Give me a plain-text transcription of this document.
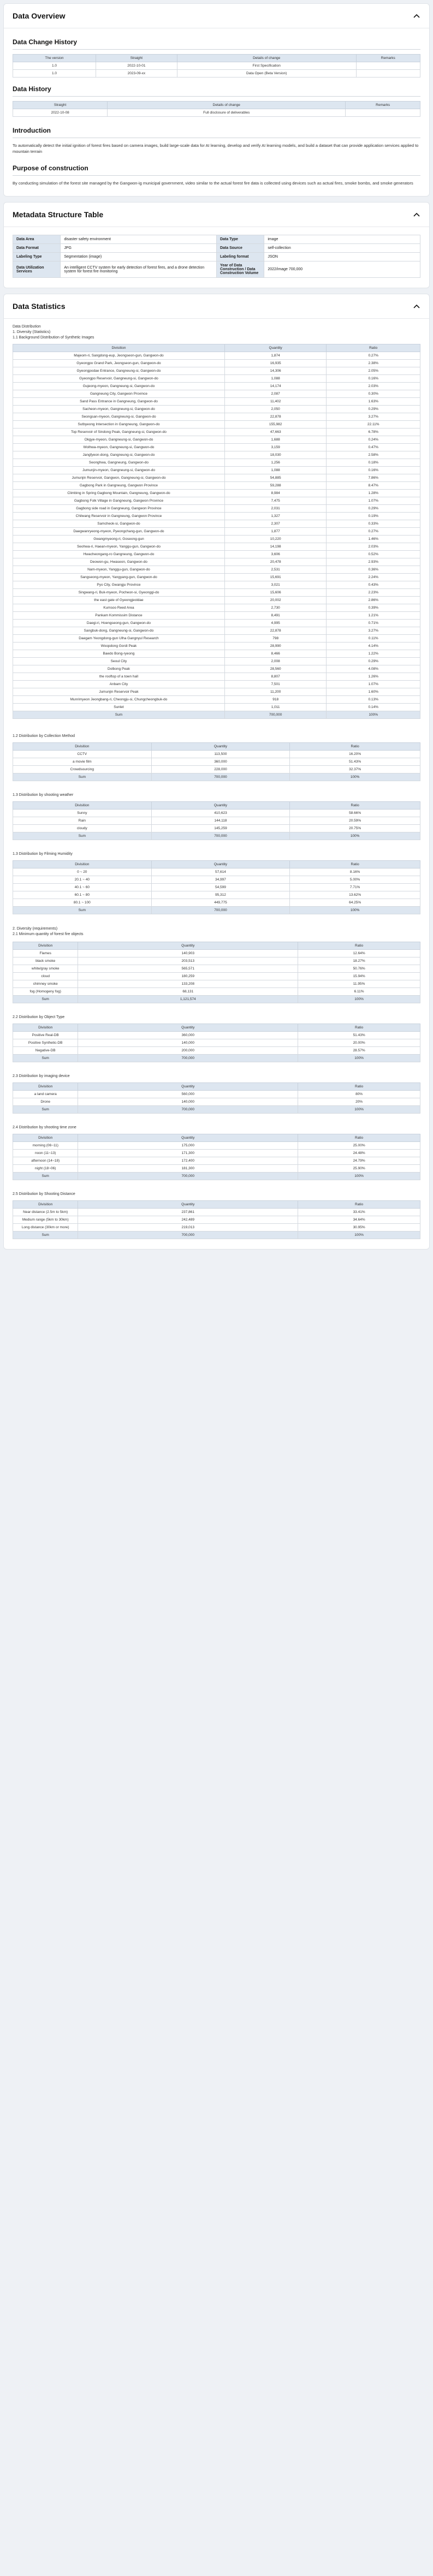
Data Overview
Data Change History
The version	Straight	Details of change	Remarks
1.0	2022-10-01	First Specification	
1.0	2023-09-xx	Data Open (Beta Version)	
Data History
Straight	Details of change	Remarks
2022-10-08	Full disclosure of deliverables	
Introduction

To automatically detect the initial ignition of forest fires based on camera images, build large-scale data for AI learning, develop and verify AI learning models, and build a dataset that can provide application services applied to mountain terrain

Purpose of construction

By conducting simulation of the forest site managed by the Gangwon-ig municipal government, video similar to the actual forest fire data is collected using devices such as actual fires, smoke bombs, and smoke generators

Metadata Structure Table
Data Area	disaster safety environment	Data Type	image
Data Format	JPG	Data Source	self-collection
Labeling Type	Segmentation (image)	Labeling format	JSON
Data Utilization Services	An intelligent CCTV system for early detection of forest fires, and a drone detection system for forest fire monitoring	Year of Data Construction / Data Construction Volume	2022/image 700,000
Data Statistics
Data Distribution
1. Diversity (Statistics)
1.1 Background Distribution of Synthetic Images
Divisition	Quantity	Ratio
Majeom-ri, Sangdong-eup, Jeongseon-gun, Gangwon-do	1,874	0.27%
Gyeongpo Grand Park, Jeongseon-gun, Gangwon-do	16,935	2.38%
Gyeongpodae Entrance, Gangneung-si, Gangwon-do	14,306	2.05%
Gyeongpo Reservoir, Gangneung-si, Gangwon-do	1,088	0.16%
Gujeong-myeon, Gangneung-si, Gangwon-do	14,174	2.03%
Gangneung City, Gangwon Province	2,087	0.30%
Sand Pass Entrance in Gangneung, Gangwon-do	11,402	1.63%
Sacheon-myeon, Gangneung-si, Gangwon-do	2,050	0.29%
Seongsan-myeon, Gangneung-si, Gangwon-do	22,878	3.27%
Sutbyeong Intersection in Gangneung, Gangwon-do	155,982	22.11%
Top Reservoir of Sindong Peak, Gangneung-si, Gangwon-do	47,663	6.78%
Okgye-myeon, Gangneung-si, Gangwon-do	1,688	0.24%
Wolhwa-myeon, Gangneung-si, Gangwon-do	3,159	0.47%
Jangfyeon-dong, Gangneung-si, Gangwon-do	18,030	2.58%
Seonghwa, Gangneung, Gangwon-do	1,256	0.18%
Jumunjin-myeon, Gangneung-si, Gangwon-do	1,088	0.16%
Jumunjin Reservoir, Gangwon, Gangneung-si, Gangwon-do	54,885	7.86%
Gagbong Park in Gangneung, Gangwon Province	59,288	8.47%
Climbing in Spring Gagbong Mountain, Gangneung, Gangwon-do	8,984	1.28%
Gagbong Folk Village in Gangneung, Gangwon Province	7,475	1.07%
Gagbong side road in Gangneung, Gangwon Province	2,031	0.29%
Chilwang Reservoir in Gangneung, Gangwon Province	1,327	0.19%
Samcheok-si, Gangwon-do	2,307	0.33%
Daegwanryeong-myeon, Pyeongchang-gun, Gangwon-do	1,877	0.27%
Gwangmyeong-ri, Goseong-gun	10,220	1.46%
Seohwa-ri, Haean-myeon, Yanggu-gun, Gangwon-do	14,198	2.03%
Hwacheongang-ro Gangneung, Gangwon-do	3,606	0.52%
Deowon-gu, Hwaseon, Gangwon-do	20,478	2.93%
Nam-myeon, Yanggu-gun, Gangwon-do	2,531	0.36%
Sangseong-myeon, Yangyang-gun, Gangwon-do	15,691	2.24%
Pyo City, Gwangju Province	3,021	0.43%
Singwang-ri, Buk-myeon, Pocheon-si, Gyeonggi-do	15,606	2.23%
the east gate of Gyeongjeoldae	20,002	2.86%
Kumsoo Reed Area	2,730	0.39%
Pankam Kommissim Distance	8,491	1.21%
Daegi-ri, Hoengseong-gun, Gangwon-do	4,995	0.71%
Sangbuk-dong, Gangneung-si, Gangwon-do	22,878	3.27%
Daegam Yeongdong-gun Ulha Gangnyul Research	798	0.11%
Woopdong Gordi Peak	28,990	4.14%
Baedo Bong-ryeong	8,466	1.22%
Seoul City	2,008	0.29%
Dolbong Peak	28,560	4.08%
the rooftop of a town hall	8,807	1.26%
Anbam City	7,501	1.07%
Jumunjin Reservoir Peak	11,200	1.60%
Munrimyeon Jeongbang-ri, Cheongju-si, Chungcheongbuk-do	918	0.13%
Sunlet	1,011	0.14%
Sum	700,000	100%
1.2 Distribution by Collection Method
Divisition	Quantity	Ratio
CCTV	113,500	16.20%
a movie film	360,000	51.43%
Crowdsourcing	228,000	32.37%
Sum	700,000	100%
1.3 Distribution by shooting weather
Divisition	Quantity	Ratio
Sunny	410,623	58.66%
Rain	144,118	20.59%
cloudy	145,259	20.75%
Sum	700,000	100%
1.3 Distribution by Filming Humidity
Divisition	Quantity	Ratio
0 ~ 20	57,614	8.16%
20.1 ~ 40	34,997	5.00%
40.1 ~ 60	54,599	7.71%
60.1 ~ 80	95,312	13.62%
80.1 ~ 100	449,775	64.25%
Sum	700,000	100%
2. Diversity (requirements)
2.1 Minimum quantity of forest fire objects
Divisition	Quantity	Ratio
Flames	140,903	12.64%
black smoke	203,513	18.27%
white/gray smoke	565,571	50.76%
cloud	180,259	15.94%
chimney smoke	133,208	11.95%
fog (Homogeny fog)	68,131	6.11%
Sum	1,121,574	100%
2.2 Distribution by Object Type
Divisition	Quantity	Ratio
Positive Real-DB	360,000	51.43%
Positive Synthetic-DB	140,000	20.00%
Negative-DB	200,000	28.57%
Sum	700,000	100%
2.3 Distribution by imaging device
Divisition	Quantity	Ratio
a land camera	560,000	80%
Drone	140,000	20%
Sum	700,000	100%
2.4 Distribution by shooting time zone
Divisition	Quantity	Ratio
morning (06~11)	175,000	25.00%
noon (11~13)	171,300	24.48%
afternoon (14~18)	172,400	24.79%
night (18~06)	181,300	25.90%
Sum	700,000	100%
2.5 Distribution by Shooting Distance
Divisition	Quantity	Ratio
Near distance (2.5m to 5km)	237,861	33.41%
Medium range (5km to 30km)	242,489	34.64%
Long distance (30km or more)	219,013	30.95%
Sum	700,000	100%
